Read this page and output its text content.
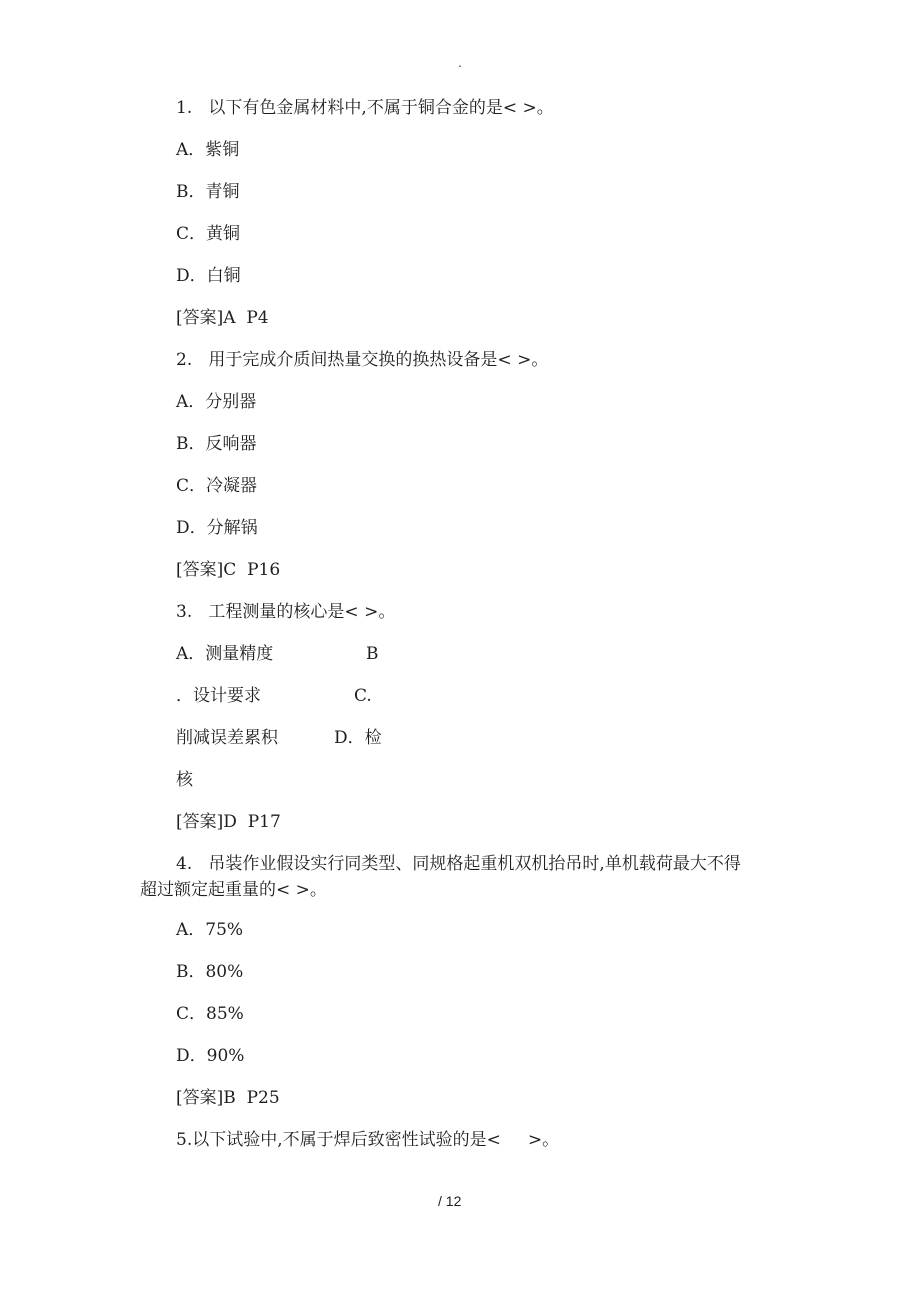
.
1.   以下有色金属材料中,不属于铜合金的是< >。
A．紫铜
B．青铜
C．黄铜
D．白铜
[答案]A  P4
2.   用于完成介质间热量交换的换热设备是< >。
A．分别器
B．反响器
C．冷凝器
D．分解锅
[答案]C  P16
3.   工程测量的核心是< >。
A．测量精度	B
．设计要求	C.
削减误差累积	D．检
核
[答案]D  P17
4.   吊装作业假设实行同类型、同规格起重机双机抬吊时,单机载荷最大不得
超过额定起重量的< >。
A．75%
B．80%
C．85%
D．90%
[答案]B  P25
5.以下试验中,不属于焊后致密性试验的是<     >。
/ 12
